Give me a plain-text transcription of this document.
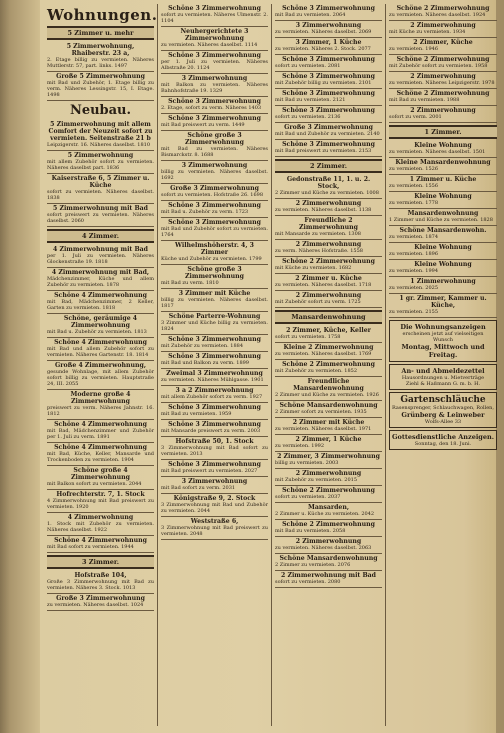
Wohnungen.
5 Zimmer u. mehr

5 Zimmerwohnung, Rhaiberstr. 23 a,

2. Etage billig zu vermieten. Näheres Muttlerstr. 57, part. links. 1497

Große 5 Zimmerwohnung

mit Bad und Zubehör, 1. Etage billig zu verm. Näheres Lessingstr. 15, I. Etage. 1498

Neubau.

5 Zimmerwohnung mit allem Comfort der Neuzeit sofort zu vermieten. Seitenstraße 21 b

Leipzigerstr. 16. Näheres daselbst. 1810

5 Zimmerwohnung

mit allem Zubehör sofort zu vermieten. Näheres daselbst part. 1836

Kaiserstraße 6, 5 Zimmer u. Küche

sofort zu vermieten. Näheres daselbst. 1838

5 Zimmerwohnung mit Bad

sofort preiswert zu vermieten. Näheres daselbst. 2060

4 Zimmer.

4 Zimmerwohnung mit Bad

per 1. Juli zu vermieten. Näheres Glockenstraße 19. 1818

4 Zimmerwohnung mit Bad,

Mädchenzimmer, Küche und allem Zubehör zu vermieten. 1878

Schöne 4 Zimmerwohnung

mit Bad, Mädchenzimmer, 2 Keller, Garten zu vermieten. 1818

Schöne, geräumige 4 Zimmerwohnung

mit Bad u. Zubehör zu vermieten. 1813

Schöne 4 Zimmerwohnung

mit Bad und allem Zubehör sofort zu vermieten. Näheres Gartenstr. 18. 1814

Große 4 Zimmerwohnung,

gesunde Wohnlage, mit allem Zubehör sofort billig zu vermieten. Hauptstraße 24, III. 2055

Moderne große 4 Zimmerwohnung

preiswert zu verm. Näheres Jahnstr. 16. 1812

Schöne 4 Zimmerwohnung

mit Bad, Mädchenzimmer und Zubehör per 1. Juli zu verm. 1891

Schöne 4 Zimmerwohnung

mit Bad, Küche, Keller, Mansarde und Trockenboden zu vermieten. 1904

Schöne große 4 Zimmerwohnung

mit Balkon sofort zu vermieten. 2044

Hofrechterstr. 7, 1. Stock

4 Zimmerwohnung mit Bad preiswert zu vermieten. 1920

4 Zimmerwohnung

1. Stock mit Zubehör zu vermieten. Näheres daselbst. 1922

Schöne 4 Zimmerwohnung

mit Bad sofort zu vermieten. 1944

3 Zimmer.

Hofstraße 104,

Große 3 Zimmerwohnung mit Bad zu vermieten. Näheres 3. Stock. 1013

Große 3 Zimmerwohnung

zu vermieten. Näheres daselbst. 1024

Schöne 3 Zimmerwohnung

sofort zu vermieten. Näheres Ulmenstr. 2. 1104

Neuhergerichtete 3 Zimmerwohnung

zu vermieten. Näheres daselbst. 1114

Schöne 3 Zimmerwohnung

per 1. Juli zu vermieten. Näheres Albstraße 20. 1124

3 Zimmerwohnung

mit Balkon zu vermieten. Näheres Bahnhofstraße 19. 1329

Schöne 3 Zimmerwohnung

2. Etage, sofort zu verm. Näheres 1403

Schöne 3 Zimmerwohnung

mit Bad preiswert zu verm. 1449

Schöne große 3 Zimmerwohnung

mit Bad zu vermieten. Näheres Bismarckstr. 8. 1688

3 Zimmerwohnung

billig zu vermieten. Näheres daselbst. 1692

Große 3 Zimmerwohnung

sofort zu vermieten. Hofstraße 26. 1698

Schöne 3 Zimmerwohnung

mit Bad u. Zubehör zu verm. 1723

Schöne 3 Zimmerwohnung

mit Bad und Zubehör sofort zu vermieten. 1764

Wilhelmshöherstr. 4, 3 Zimmer

Küche und Zubehör zu vermieten. 1799

Schöne große 3 Zimmerwohnung

mit Bad zu verm. 1810

3 Zimmer mit Küche

billig zu vermieten. Näheres daselbst. 1817

Schöne Parterre-Wohnung

3 Zimmer und Küche billig zu vermieten. 1824

Schöne 3 Zimmerwohnung

mit Zubehör zu vermieten. 1884

Schöne 3 Zimmerwohnung

mit Bad und Balkon zu verm. 1899

Zweimal 3 Zimmerwohnung

zu vermieten. Näheres Mühlgasse. 1901

3 a 2 Zimmerwohnung

mit allem Zubehör sofort zu verm. 1927

Schöne 3 Zimmerwohnung

mit Bad zu vermieten. 1959

Schöne 3 Zimmerwohnung

mit Mansarde preiswert zu verm. 2003

Hofstraße 50, 1. Stock

3 Zimmerwohnung mit Bad sofort zu vermieten. 2013

Schöne 3 Zimmerwohnung

mit Bad preiswert zu vermieten. 2027

3 Zimmerwohnung

mit Bad sofort zu verm. 2031

Königstraße 9, 2. Stock

3 Zimmerwohnung mit Bad und Zubehör zu vermieten. 2044

Weststraße 6,

3 Zimmerwohnung mit Bad preiswert zu vermieten. 2048

Schöne 3 Zimmerwohnung

mit Bad zu vermieten. 2064

3 Zimmerwohnung

zu vermieten. Näheres daselbst. 2069

3 Zimmer, 1 Küche

zu vermieten. Näheres 2. Stock. 2077

Schöne 3 Zimmerwohnung

sofort zu vermieten. 2081

Schöne 3 Zimmerwohnung

mit Zubehör billig zu vermieten. 2101

Schöne 3 Zimmerwohnung

mit Bad zu vermieten. 2121

Schöne 3 Zimmerwohnung

sofort zu vermieten. 2136

Große 3 Zimmerwohnung

mit Bad und Zubehör zu vermieten. 2140

Schöne 3 Zimmerwohnung

mit Bad preiswert zu vermieten. 2153

2 Zimmer.

Gedonstraße 11, 1. u. 2. Stock,

2 Zimmer und Küche zu vermieten. 1008

2 Zimmerwohnung

zu vermieten. Näheres daselbst. 1138

Freundliche 2 Zimmerwohnung

mit Mansarde zu vermieten. 1308

2 Zimmerwohnung

zu verm. Näheres Hofstraße. 1558

Schöne 2 Zimmerwohnung

mit Küche zu vermieten. 1682

2 Zimmer u. Küche

zu vermieten. Näheres daselbst. 1718

2 Zimmerwohnung

mit Zubehör sofort zu verm. 1725

Mansardenwohnung

2 Zimmer, Küche, Keller

sofort zu vermieten. 1758

Kleine 2 Zimmerwohnung

zu vermieten. Näheres daselbst. 1769

Schöne 2 Zimmerwohnung

mit Zubehör zu vermieten. 1852

Freundliche Mansardenwohnung

2 Zimmer und Küche zu vermieten. 1926

Schöne Mansardenwohnung

2 Zimmer sofort zu vermieten. 1935

2 Zimmer mit Küche

zu vermieten. Näheres daselbst. 1971

2 Zimmer, 1 Küche

zu vermieten. 1992

2 Zimmer, 3 Zimmerwohnung

billig zu vermieten. 2003

2 Zimmerwohnung

mit Zubehör zu vermieten. 2015

Schöne 2 Zimmerwohnung

sofort zu vermieten. 2037

Mansarden,

2 Zimmer u. Küche zu vermieten. 2042

Schöne 2 Zimmerwohnung

mit Bad zu vermieten. 2058

2 Zimmerwohnung

zu vermieten. Näheres daselbst. 2063

Schöne Mansardenwohnung

2 Zimmer zu vermieten. 2076

2 Zimmerwohnung mit Bad

sofort zu vermieten. 2080

Schöne 2 Zimmerwohnung

zu vermieten. Näheres daselbst. 1924

2 Zimmerwohnung

mit Küche zu vermieten. 1934

2 Zimmer, Küche

zu vermieten. 1946

Schöne 2 Zimmerwohnung

mit Zubehör sofort zu vermieten. 1958

2 Zimmerwohnung

zu vermieten. Näheres Leipzigerstr. 1978

Schöne 2 Zimmerwohnung

mit Bad zu vermieten. 1988

2 Zimmerwohnung

sofort zu verm. 2001

1 Zimmer.

Kleine Wohnung

zu vermieten. Näheres daselbst. 1501

Kleine Mansardenwohnung

zu vermieten. 1526

1 Zimmer u. Küche

zu vermieten. 1556

Kleine Wohnung

zu vermieten. 1778

Mansardenwohnung

1 Zimmer und Küche zu vermieten. 1828

Schöne Mansardenwohn.

zu vermieten. 1874

Kleine Wohnung

zu vermieten. 1896

Kleine Wohnung

zu vermieten. 1994

1 Zimmerwohnung

zu vermieten. 2025

1 gr. Zimmer, Kammer u. Küche,

zu vermieten. 2155

Die Wohnungsanzeigen
erscheinen jetzt auf vielseitigen Wunsch
Montag, Mittwoch und Freitag.
An- und Abmeldezettel
Hausordnungen u. Mietverträge
Ziehl & Haßmann G. m. b. H.
Gartenschläuche
Rasensprenger, Schlauchwagen, Rollen,
Grünberg & Leinweber
Wolfs-Allee 33
Gottesdienstliche Anzeigen.
Sonntag, den 18. Juni.
